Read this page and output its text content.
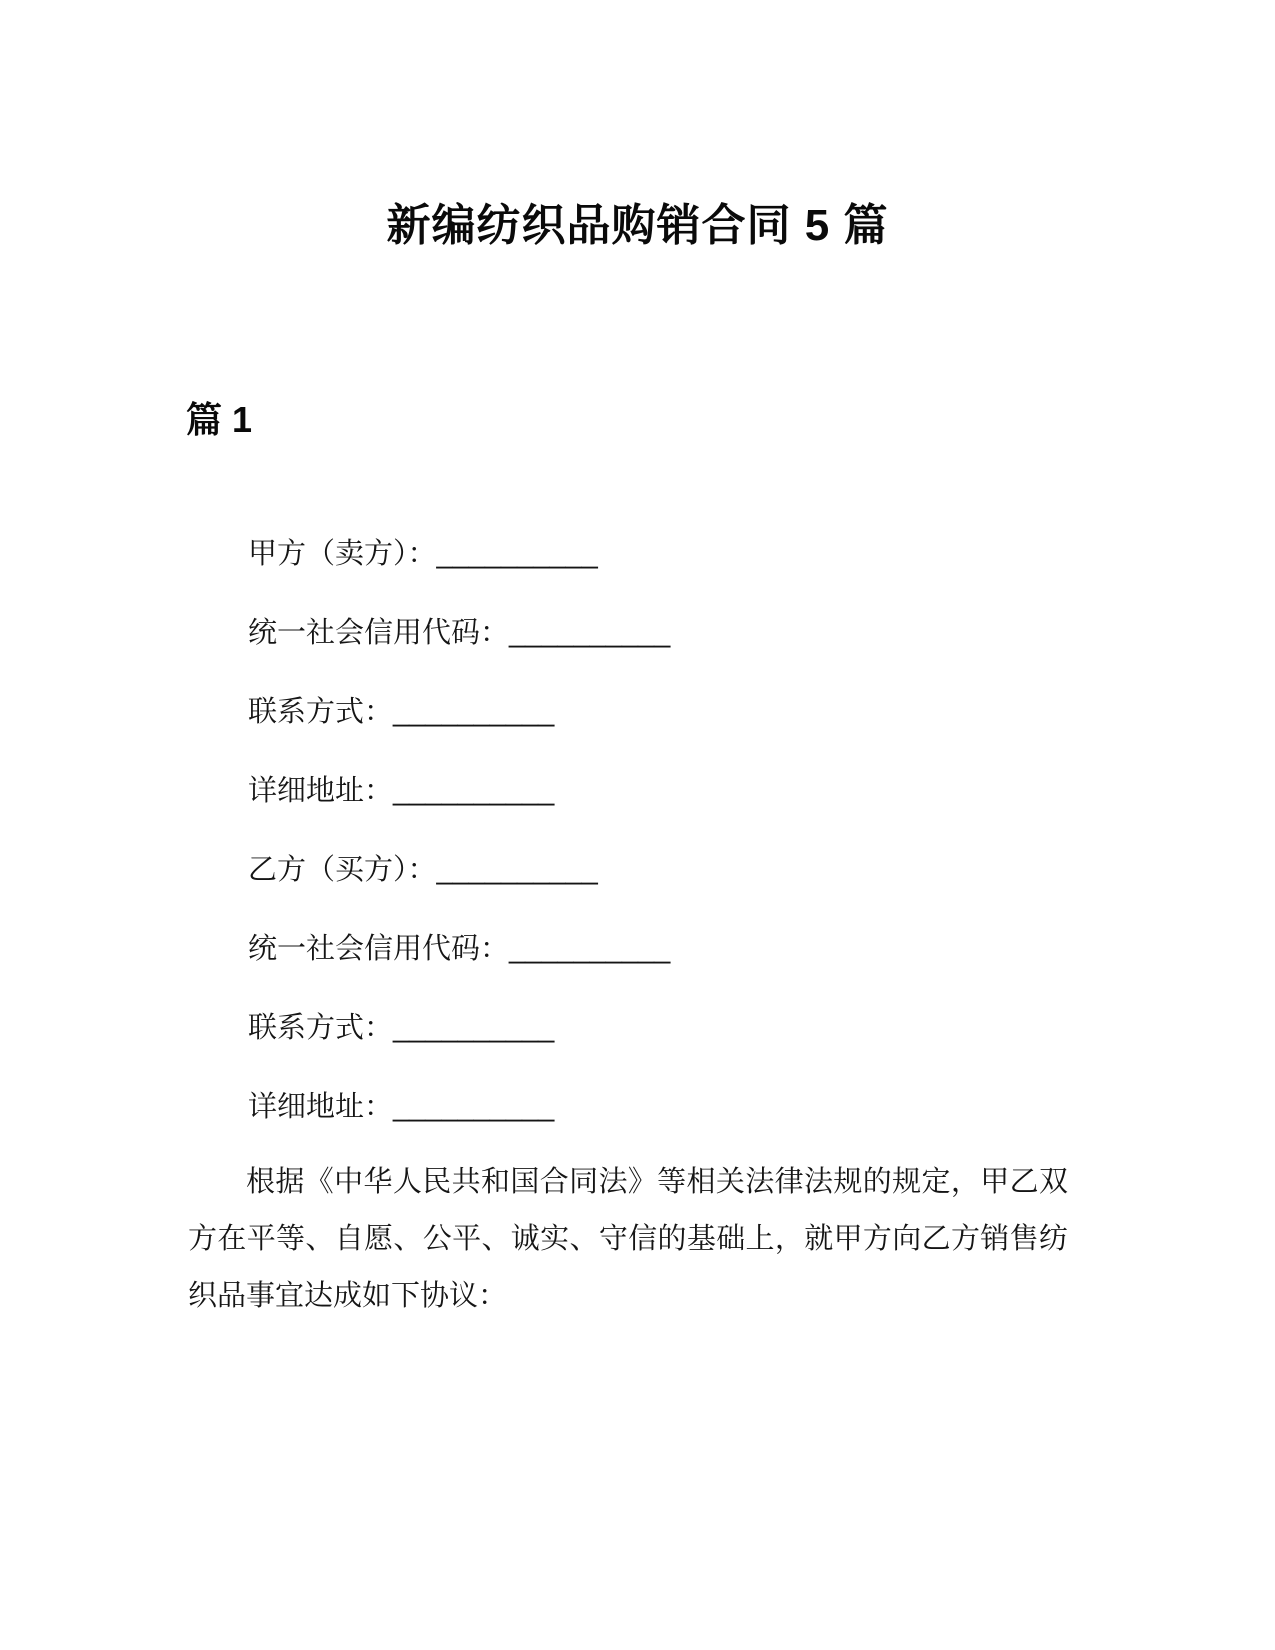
新编纺织品购销合同 5 篇
篇 1
甲方（卖方）：__________
统一社会信用代码：__________
联系方式：__________
详细地址：__________
乙方（买方）：__________
统一社会信用代码：__________
联系方式：__________
详细地址：__________

根据《中华人民共和国合同法》等相关法律法规的规定，甲乙双方在平等、自愿、公平、诚实、守信的基础上，就甲方向乙方销售纺织品事宜达成如下协议：
